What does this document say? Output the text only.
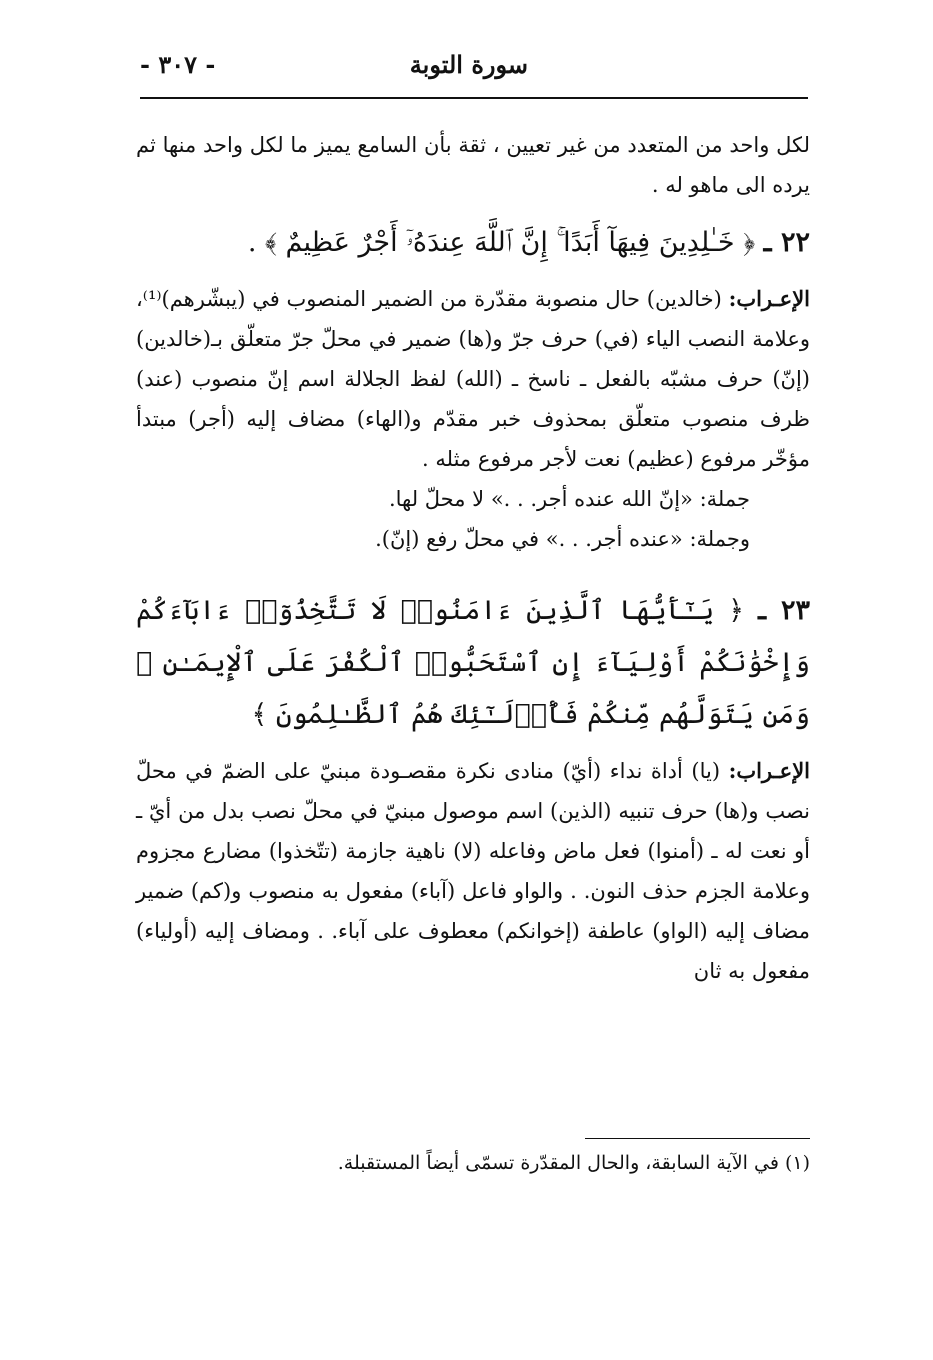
سورة التوبة
- ٣٠٧ -

لكل واحد من المتعدد من غير تعيين ، ثقة بأن السامع يميز ما لكل واحد منها ثم يرده الى ماهو له .

٢٢ ـ ﴿ خَـٰلِدِينَ فِيهَآ أَبَدًا ۚ إِنَّ ٱللَّهَ عِندَهُۥٓ أَجْرٌ عَظِيمٌ ﴾ .

الإعـراب: (خالدين) حال منصوبة مقدّرة من الضمير المنصوب في (يبشّرهم)⁽¹⁾، وعلامة النصب الياء (في) حرف جرّ و(ها) ضمير في محلّ جرّ متعلّق بـ(خالدين) (إنّ) حرف مشبّه بالفعل ـ ناسخ ـ (الله) لفظ الجلالة اسم إنّ منصوب (عند) ظرف منصوب متعلّق بمحذوف خبر مقدّم و(الهاء) مضاف إليه (أجر) مبتدأ مؤخّر مرفوع (عظيم) نعت لأجر مرفوع مثله .

جملة: «إنّ الله عنده أجر. . .» لا محلّ لها.

وجملة: «عنده أجر. . .» في محلّ رفع (إنّ).

٢٣ ـ ﴿ يَـٰٓأَيُّهَا ٱلَّذِينَ ءَامَنُوا۟ لَا تَتَّخِذُوٓا۟ ءَابَآءَكُمْ وَإِخْوَٰنَكُمْ أَوْلِيَآءَ إِنِ ٱسْتَحَبُّوا۟ ٱلْكُفْرَ عَلَى ٱلْإِيمَـٰنِ ۚ وَمَن يَتَوَلَّهُم مِّنكُمْ فَأُو۟لَـٰٓئِكَ هُمُ ٱلظَّـٰلِمُونَ ﴾

الإعـراب: (يا) أداة نداء (أيّ) منادى نكرة مقصـودة مبنيّ على الضمّ في محلّ نصب و(ها) حرف تنبيه (الذين) اسم موصول مبنيّ في محلّ نصب بدل من أيّ ـ أو نعت له ـ (أمنوا) فعل ماض وفاعله (لا) ناهية جازمة (تتّخذوا) مضارع مجزوم وعلامة الجزم حذف النون. . والواو فاعل (آباء) مفعول به منصوب و(كم) ضمير مضاف إليه (الواو) عاطفة (إخوانكم) معطوف على آباء. . ومضاف إليه (أولياء) مفعول به ثان

(١) في الآية السابقة، والحال المقدّرة تسمّى أيضاً المستقبلة.
